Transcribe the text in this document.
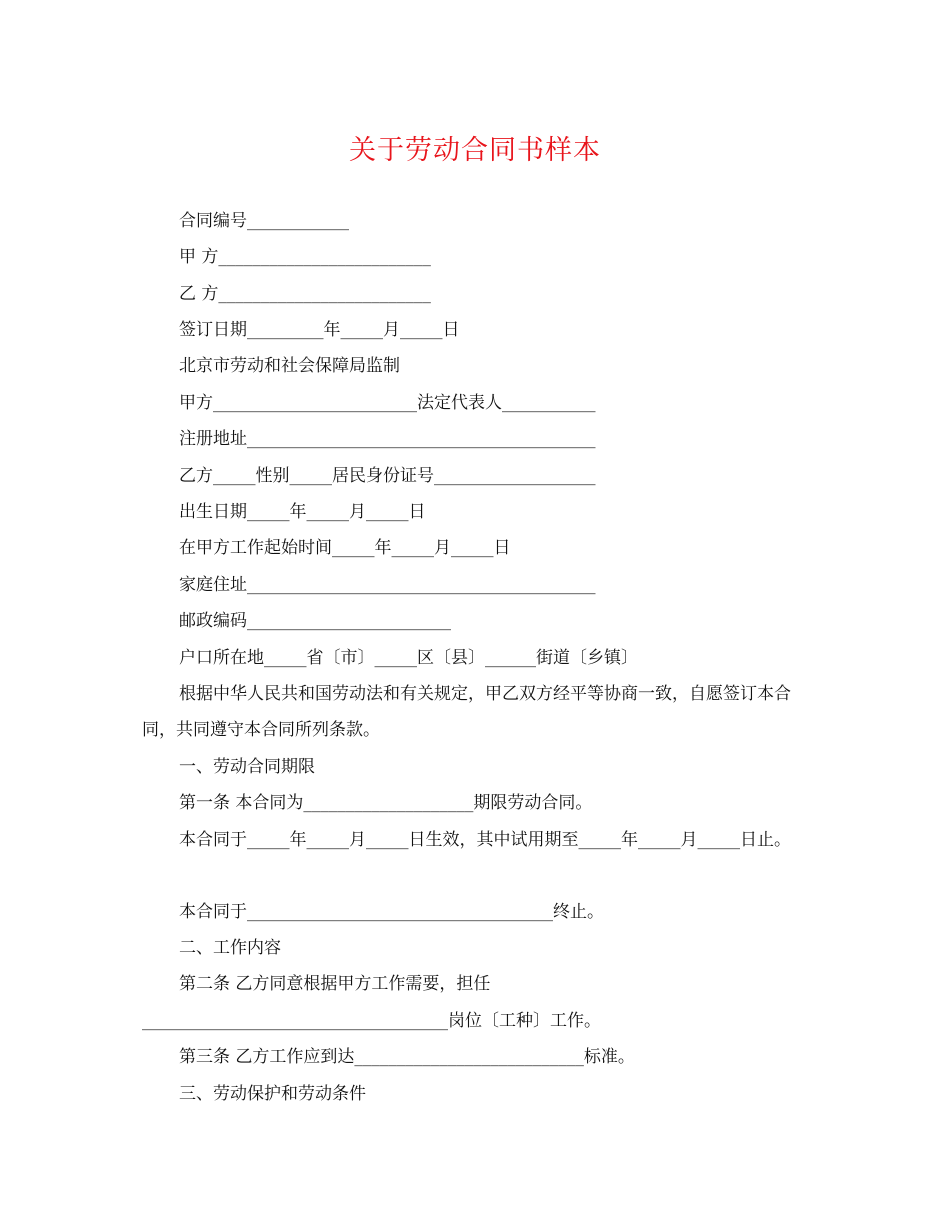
关于劳动合同书样本
合同编号____________
甲 方_________________________
乙 方_________________________
签订日期_________年_____月_____日
北京市劳动和社会保障局监制
甲方________________________法定代表人___________
注册地址_________________________________________
乙方_____性别_____居民身份证号___________________
出生日期_____年_____月_____日
在甲方工作起始时间_____年_____月_____日
家庭住址_________________________________________
邮政编码________________________
户口所在地_____省〔市〕_____区〔县〕______街道〔乡镇〕
根据中华人民共和国劳动法和有关规定，甲乙双方经平等协商一致，自愿签订本合同，共同遵守本合同所列条款。
一、劳动合同期限
第一条 本合同为____________________期限劳动合同。
本合同于_____年_____月_____日生效，其中试用期至_____年_____月_____日止。
本合同于____________________________________终止。
二、工作内容
第二条 乙方同意根据甲方工作需要，担任
____________________________________岗位〔工种〕工作。
第三条 乙方工作应到达___________________________标准。
三、劳动保护和劳动条件
